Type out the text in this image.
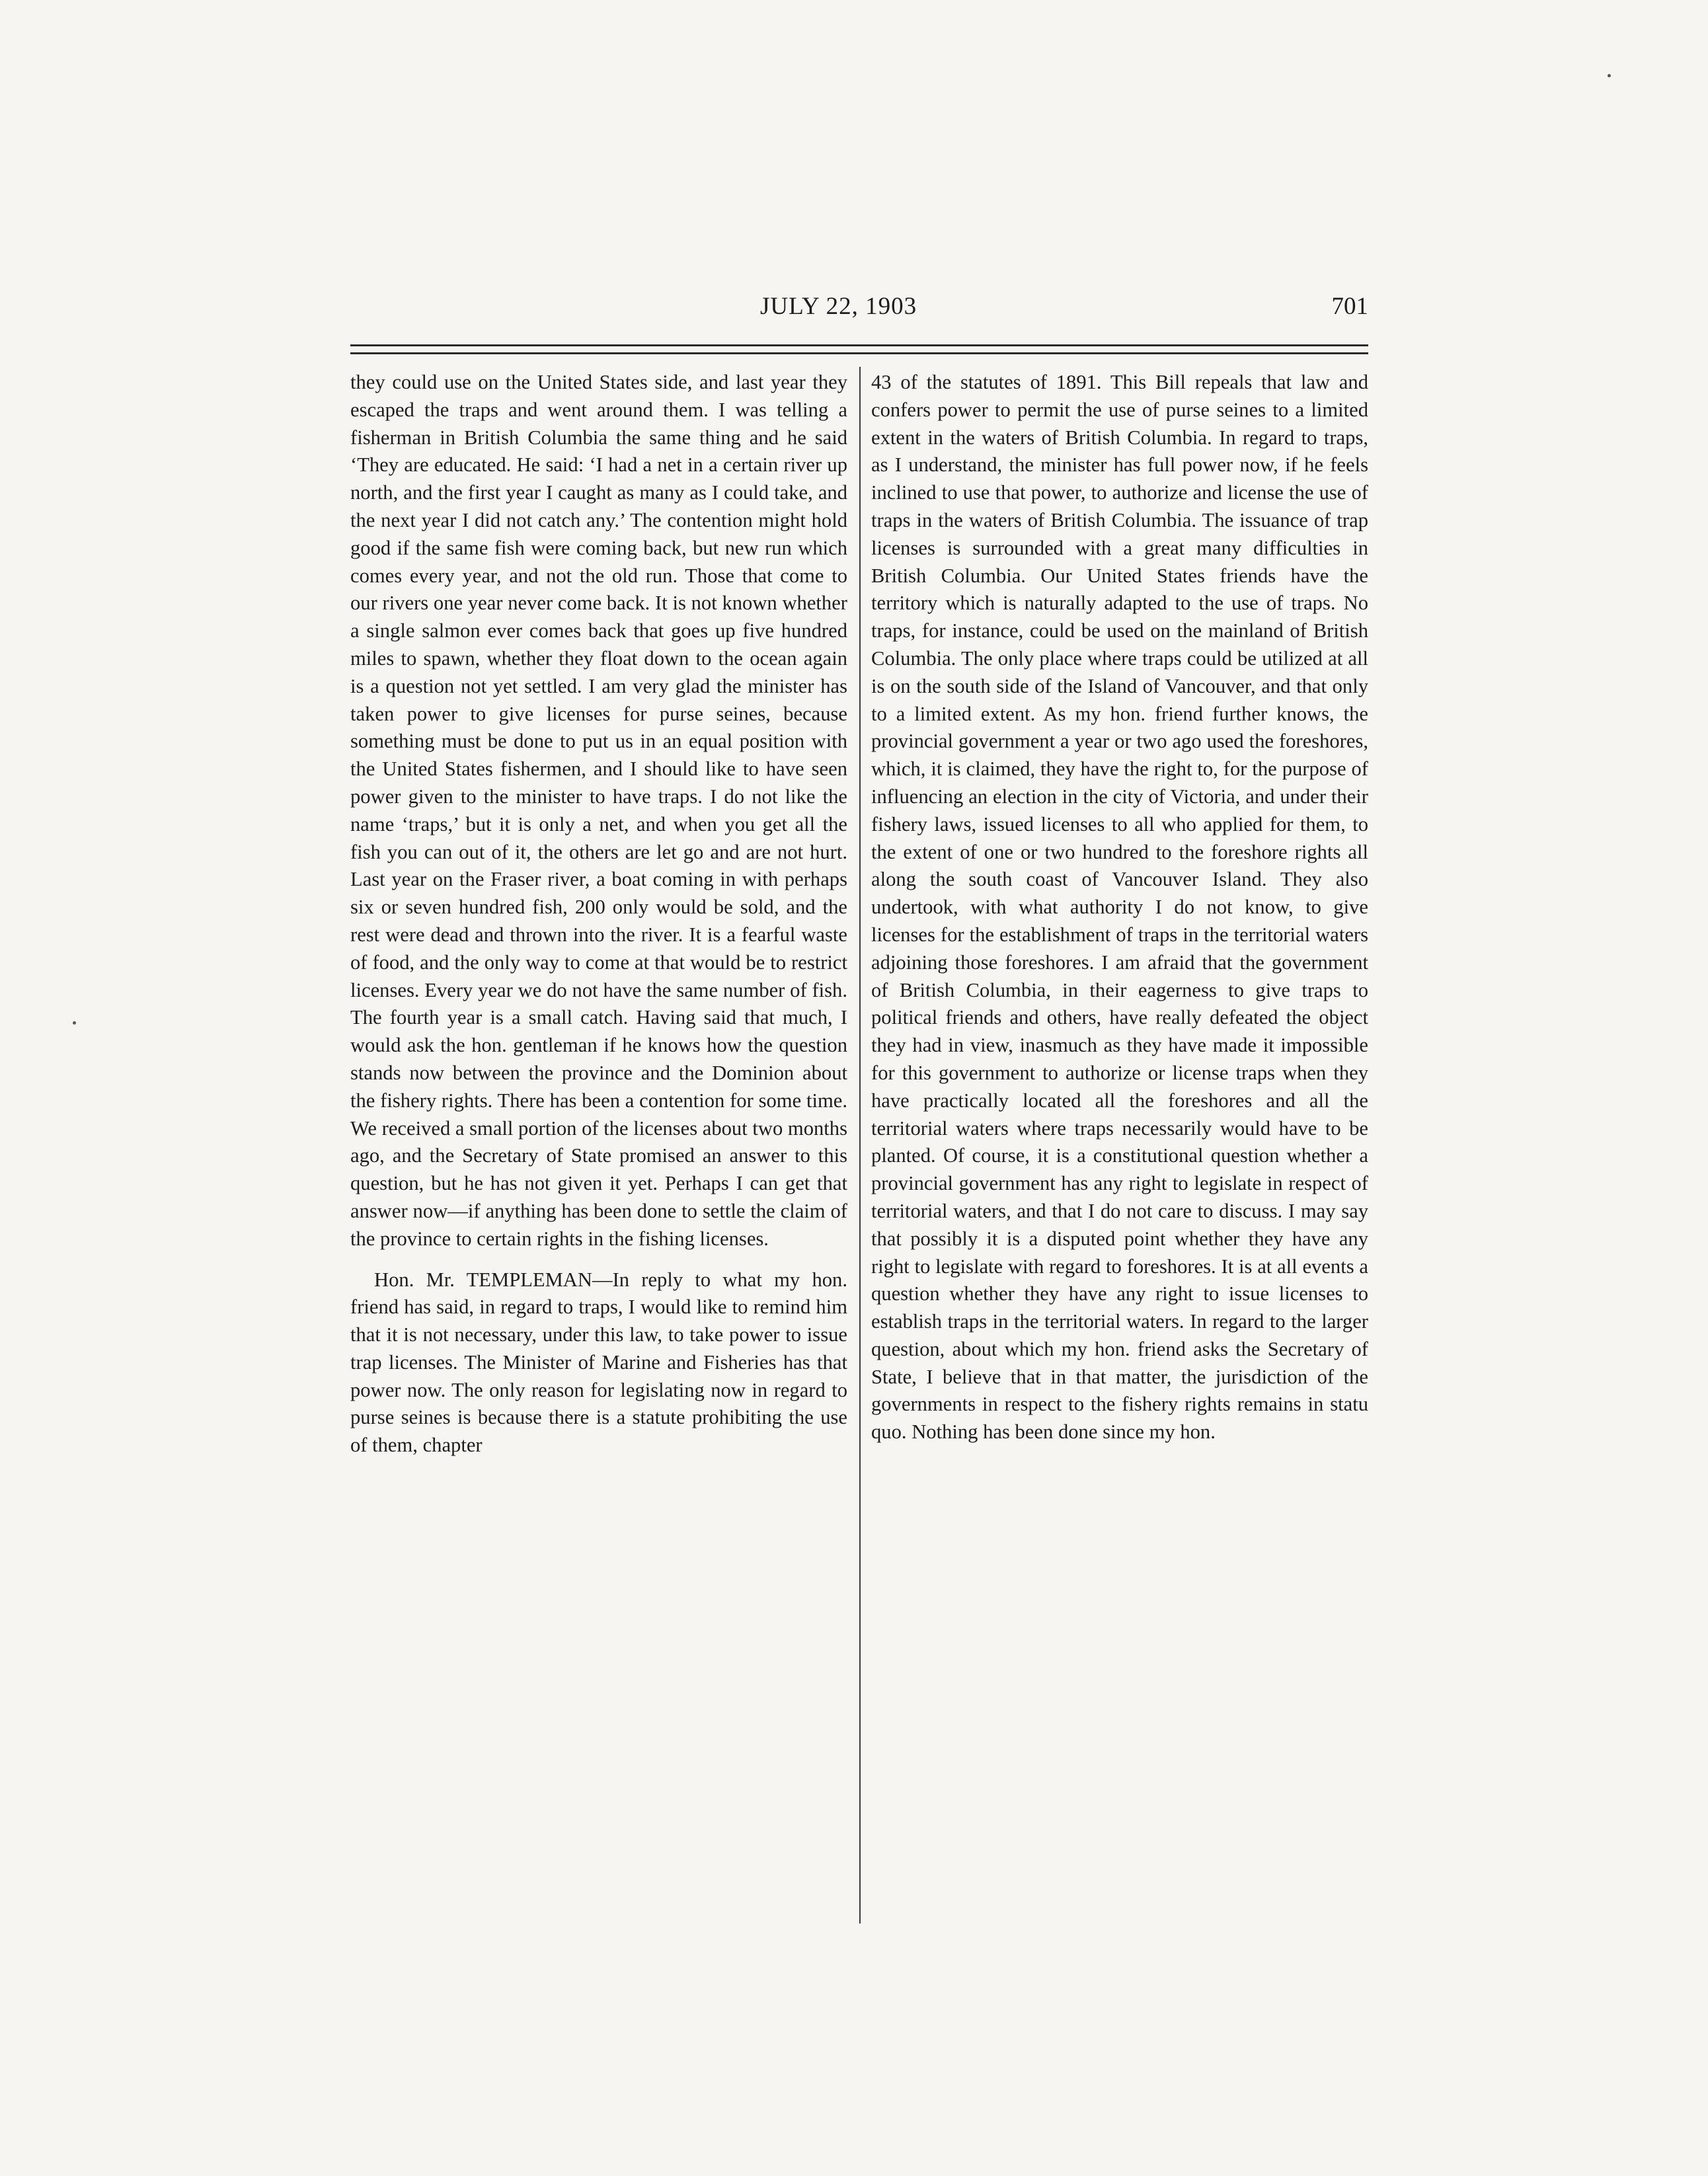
JULY 22, 1903	701

they could use on the United States side, and last year they escaped the traps and went around them. I was telling a fisherman in British Columbia the same thing and he said ‘They are educated. He said: ‘I had a net in a certain river up north, and the first year I caught as many as I could take, and the next year I did not catch any.’ The contention might hold good if the same fish were coming back, but new run which comes every year, and not the old run. Those that come to our rivers one year never come back. It is not known whether a single salmon ever comes back that goes up five hundred miles to spawn, whether they float down to the ocean again is a question not yet settled. I am very glad the minister has taken power to give licenses for purse seines, because something must be done to put us in an equal position with the United States fishermen, and I should like to have seen power given to the minister to have traps. I do not like the name ‘traps,’ but it is only a net, and when you get all the fish you can out of it, the others are let go and are not hurt. Last year on the Fraser river, a boat coming in with perhaps six or seven hundred fish, 200 only would be sold, and the rest were dead and thrown into the river. It is a fearful waste of food, and the only way to come at that would be to restrict licenses. Every year we do not have the same number of fish. The fourth year is a small catch. Having said that much, I would ask the hon. gentleman if he knows how the question stands now between the province and the Dominion about the fishery rights. There has been a contention for some time. We received a small portion of the licenses about two months ago, and the Secretary of State promised an answer to this question, but he has not given it yet. Perhaps I can get that answer now—if anything has been done to settle the claim of the province to certain rights in the fishing licenses.

Hon. Mr. TEMPLEMAN—In reply to what my hon. friend has said, in regard to traps, I would like to remind him that it is not necessary, under this law, to take power to issue trap licenses. The Minister of Marine and Fisheries has that power now. The only reason for legislating now in regard to purse seines is because there is a statute prohibiting the use of them, chapter

43 of the statutes of 1891. This Bill repeals that law and confers power to permit the use of purse seines to a limited extent in the waters of British Columbia. In regard to traps, as I understand, the minister has full power now, if he feels inclined to use that power, to authorize and license the use of traps in the waters of British Columbia. The issuance of trap licenses is surrounded with a great many difficulties in British Columbia. Our United States friends have the territory which is naturally adapted to the use of traps. No traps, for instance, could be used on the mainland of British Columbia. The only place where traps could be utilized at all is on the south side of the Island of Vancouver, and that only to a limited extent. As my hon. friend further knows, the provincial government a year or two ago used the foreshores, which, it is claimed, they have the right to, for the purpose of influencing an election in the city of Victoria, and under their fishery laws, issued licenses to all who applied for them, to the extent of one or two hundred to the foreshore rights all along the south coast of Vancouver Island. They also undertook, with what authority I do not know, to give licenses for the establishment of traps in the territorial waters adjoining those foreshores. I am afraid that the government of British Columbia, in their eagerness to give traps to political friends and others, have really defeated the object they had in view, inasmuch as they have made it impossible for this government to authorize or license traps when they have practically located all the foreshores and all the territorial waters where traps necessarily would have to be planted. Of course, it is a constitutional question whether a provincial government has any right to legislate in respect of territorial waters, and that I do not care to discuss. I may say that possibly it is a disputed point whether they have any right to legislate with regard to foreshores. It is at all events a question whether they have any right to issue licenses to establish traps in the territorial waters. In regard to the larger question, about which my hon. friend asks the Secretary of State, I believe that in that matter, the jurisdiction of the governments in respect to the fishery rights remains in statu quo. Nothing has been done since my hon.
